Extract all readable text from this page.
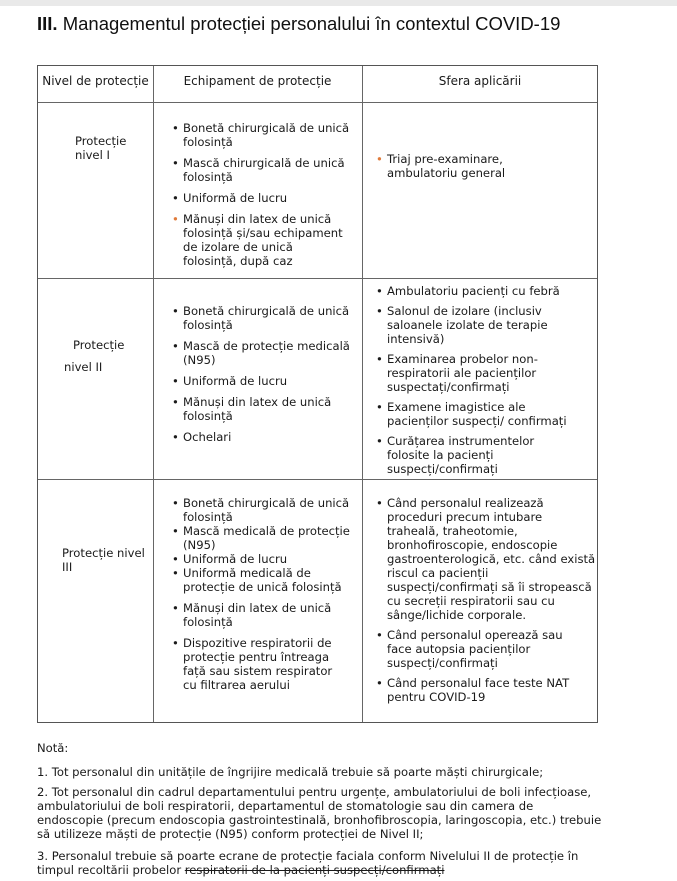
III. Managementul protecției personalului în contextul COVID-19
Nivel de protecție	Echipament de protecție	Sfera aplicării
Protecție
nivel I
• Bonetă chirurgicală de unică folosință
• Mască chirurgicală de unică folosință
• Uniformă de lucru
• Mănuși din latex de unică folosință și/sau echipament de izolare de unică folosință, după caz
• Triaj pre-examinare, ambulatoriu general
Protecție
nivel II
• Bonetă chirurgicală de unică folosință
• Mască de protecție medicală (N95)
• Uniformă de lucru
• Mănuși din latex de unică folosință
• Ochelari
• Ambulatoriu pacienți cu febră
• Salonul de izolare (inclusiv saloanele izolate de terapie intensivă)
• Examinarea probelor non-respiratorii ale pacienților suspectați/confirmați
• Examene imagistice ale pacienților suspecți/ confirmați
• Curățarea instrumentelor folosite la pacienți suspecți/confirmați
Protecție nivel
III
• Bonetă chirurgicală de unică folosință
• Mască medicală de protecție (N95)
• Uniformă de lucru
• Uniformă medicală de protecție de unică folosință
• Mănuși din latex de unică folosință
• Dispozitive respiratorii de protecție pentru întreaga față sau sistem respirator cu filtrarea aerului
• Când personalul realizează proceduri precum intubare traheală, traheotomie, bronhofiroscopie, endoscopie gastroenterologică, etc. când există riscul ca pacienții suspecți/confirmați să îi stropească cu secreții respiratorii sau cu sânge/lichide corporale.
• Când personalul operează sau face autopsia pacienților suspecți/confirmați
• Când personalul face teste NAT pentru COVID-19
Notă:
1. Tot personalul din unitățile de îngrijire medicală trebuie să poarte măști chirurgicale;
2. Tot personalul din cadrul departamentului pentru urgențe, ambulatoriului de boli infecțioase, ambulatoriului de boli respiratorii, departamentul de stomatologie sau din camera de endoscopie (precum endoscopia gastrointestinală, bronhofibroscopia, laringoscopia, etc.) trebuie să utilizeze măști de protecție (N95) conform protecției de Nivel II;
3. Personalul trebuie să poarte ecrane de protecție faciala conform Nivelului II de protecție în timpul recoltării probelor respiratorii de la pacienți suspecți/confirmați
